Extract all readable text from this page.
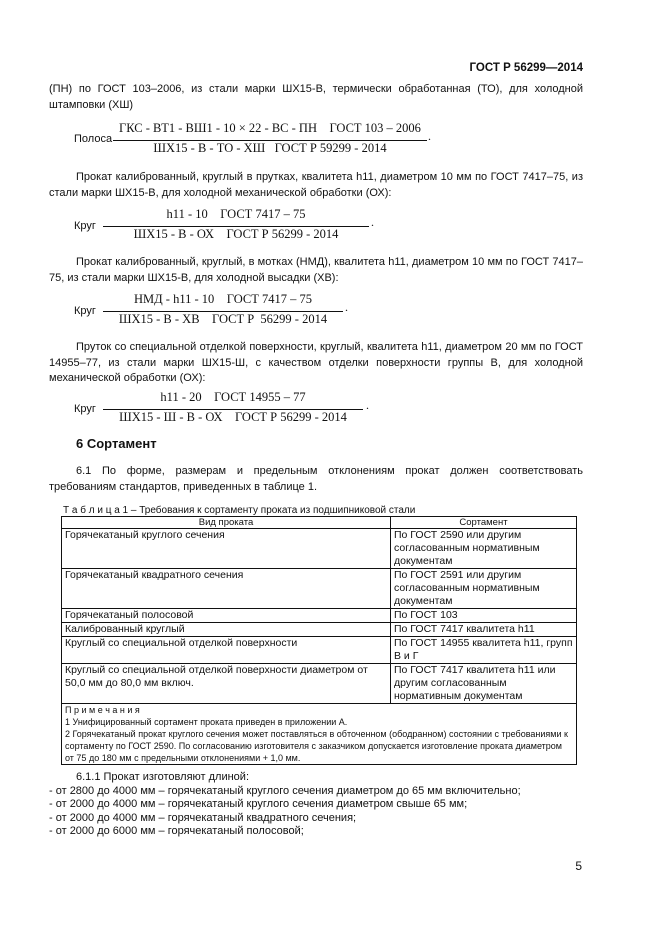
ГОСТ Р 56299—2014
(ПН) по ГОСТ 103–2006, из стали марки ШХ15-В, термически обработанная (ТО), для холодной штамповки (ХШ)
Полоса
ГКС - ВТ1 - ВШ1 - 10 × 22 - ВС - ПН    ГОСТ 103 – 2006
ШХ15 - В - ТО - ХШ   ГОСТ Р 59299 - 2014
.
Прокат калиброванный, круглый в прутках, квалитета h11, диаметром 10 мм по ГОСТ 7417–75, из стали марки ШХ15-В, для холодной механической обработки (ОХ):
Круг
h11 - 10    ГОСТ 7417 – 75
ШХ15 - В - ОХ    ГОСТ Р 56299 - 2014
.
Прокат калиброванный, круглый, в мотках (НМД), квалитета h11, диаметром 10 мм по ГОСТ 7417–75, из стали марки ШХ15-В, для холодной высадки (ХВ):
Круг
НМД - h11 - 10    ГОСТ 7417 – 75
ШХ15 - В - ХВ    ГОСТ Р  56299 - 2014
.
Пруток со специальной отделкой поверхности, круглый, квалитета h11, диаметром 20 мм по ГОСТ 14955–77, из стали марки ШХ15-Ш, с качеством отделки поверхности группы В, для холодной механической обработки (ОХ):
Круг
h11 - 20    ГОСТ 14955 – 77
ШХ15 - Ш - В - ОХ    ГОСТ Р 56299 - 2014
.
6 Сортамент
6.1 По форме, размерам и предельным отклонениям прокат должен соответствовать требованиям стандартов, приведенных в таблице 1.
Т а б л и ц а 1 – Требования к сортаменту проката из подшипниковой стали
Вид проката	Сортамент
Горячекатаный круглого сечения	По ГОСТ 2590 или другим согласованным нормативным документам
Горячекатаный квадратного сечения	По ГОСТ 2591 или другим согласованным нормативным документам
Горячекатаный полосовой	По ГОСТ 103
Калиброванный круглый	По ГОСТ 7417 квалитета h11
Круглый со специальной отделкой поверхности	По ГОСТ 14955 квалитета h11, групп В и Г
Круглый со специальной отделкой поверхности диаметром от 50,0 мм до 80,0 мм включ.	По ГОСТ 7417 квалитета h11 или другим согласованным нормативным документам

П р и м е ч а н и я
1 Унифицированный сортамент проката приведен в приложении А.
2 Горячекатаный прокат круглого сечения может поставляться в обточенном (ободранном) состоянии с требованиями к сортаменту по ГОСТ 2590. По согласованию изготовителя с заказчиком допускается изготовление проката диаметром от 75 до 180 мм с предельными отклонениями + 1,0 мм.	
6.1.1 Прокат изготовляют длиной:
- от 2800 до 4000 мм – горячекатаный круглого сечения диаметром до 65 мм включительно;
- от 2000 до 4000 мм – горячекатаный круглого сечения диаметром свыше 65 мм;
- от 2000 до 4000 мм – горячекатаный квадратного сечения;
- от 2000 до 6000 мм – горячекатаный полосовой;
5
